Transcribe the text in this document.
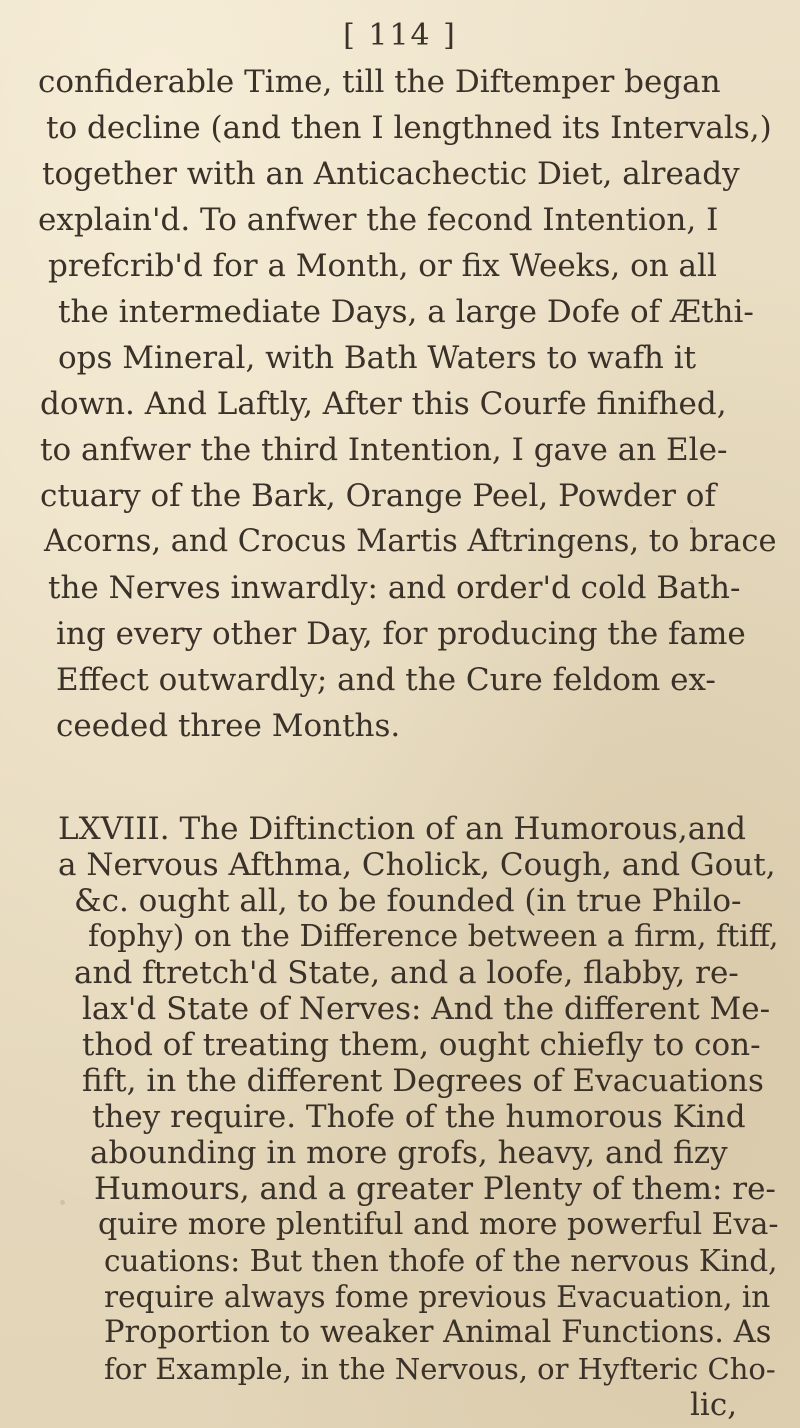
[ 114 ]
confiderable Time, till the Diftemper began
to decline (and then I lengthned its Intervals,)
together with an Anticachectic Diet, already
explain'd. To anfwer the fecond Intention, I
prefcrib'd for a Month, or fix Weeks, on all
the intermediate Days, a large Dofe of Æthi-
ops Mineral, with Bath Waters to wafh it
down. And Laftly, After this Courfe finifhed,
to anfwer the third Intention, I gave an Ele-
ctuary of the Bark, Orange Peel, Powder of
Acorns, and Crocus Martis Aftringens, to brace
the Nerves inwardly: and order'd cold Bath-
ing every other Day, for producing the fame
Effect outwardly; and the Cure feldom ex-
ceeded three Months.
LXVIII. The Diftinction of an Humorous,and
a Nervous Afthma, Cholick, Cough, and Gout,
&c. ought all, to be founded (in true Philo-
fophy) on the Difference between a firm, ftiff,
and ftretch'd State, and a loofe, flabby, re-
lax'd State of Nerves: And the different Me-
thod of treating them, ought chiefly to con-
fift, in the different Degrees of Evacuations
they require. Thofe of the humorous Kind
abounding in more grofs, heavy, and fizy
Humours, and a greater Plenty of them: re-
quire more plentiful and more powerful Eva-
cuations: But then thofe of the nervous Kind,
require always fome previous Evacuation, in
Proportion to weaker Animal Functions. As
for Example, in the Nervous, or Hyfteric Cho-
lic,
